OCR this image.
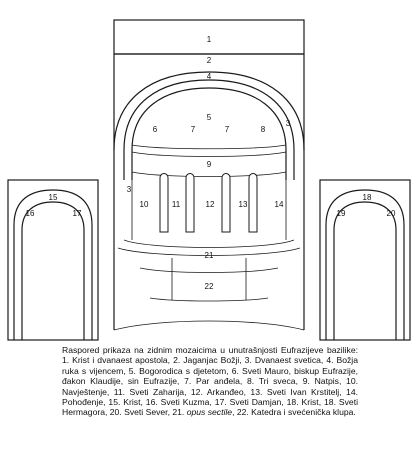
1
2
3
3
4
5
6	7	7	8
9
10	11	12	13	14
15
16	17
18
19	20
21
22
Raspored prikaza na zidnim mozaicima u unutrašnjosti Eufrazijeve bazilike: 1. Krist i dvanaest apostola, 2. Jaganjac Božji, 3. Dvanaest svetica, 4. Božja ruka s vijencem, 5. Bogorodica s djetetom, 6. Sveti Mauro, biskup Eufrazije, đakon Klaudije, sin Eufrazije, 7. Par anđela, 8. Tri sveca, 9. Natpis, 10. Navještenje, 11. Sveti Zaharija, 12. Arkanđeo, 13. Sveti Ivan Krstitelj, 14. Pohođenje, 15. Krist, 16. Sveti Kuzma, 17. Sveti Damjan, 18. Krist, 18. Sveti Hermagora, 20. Sveti Sever, 21. opus sectile, 22. Katedra i svećenička klupa.
